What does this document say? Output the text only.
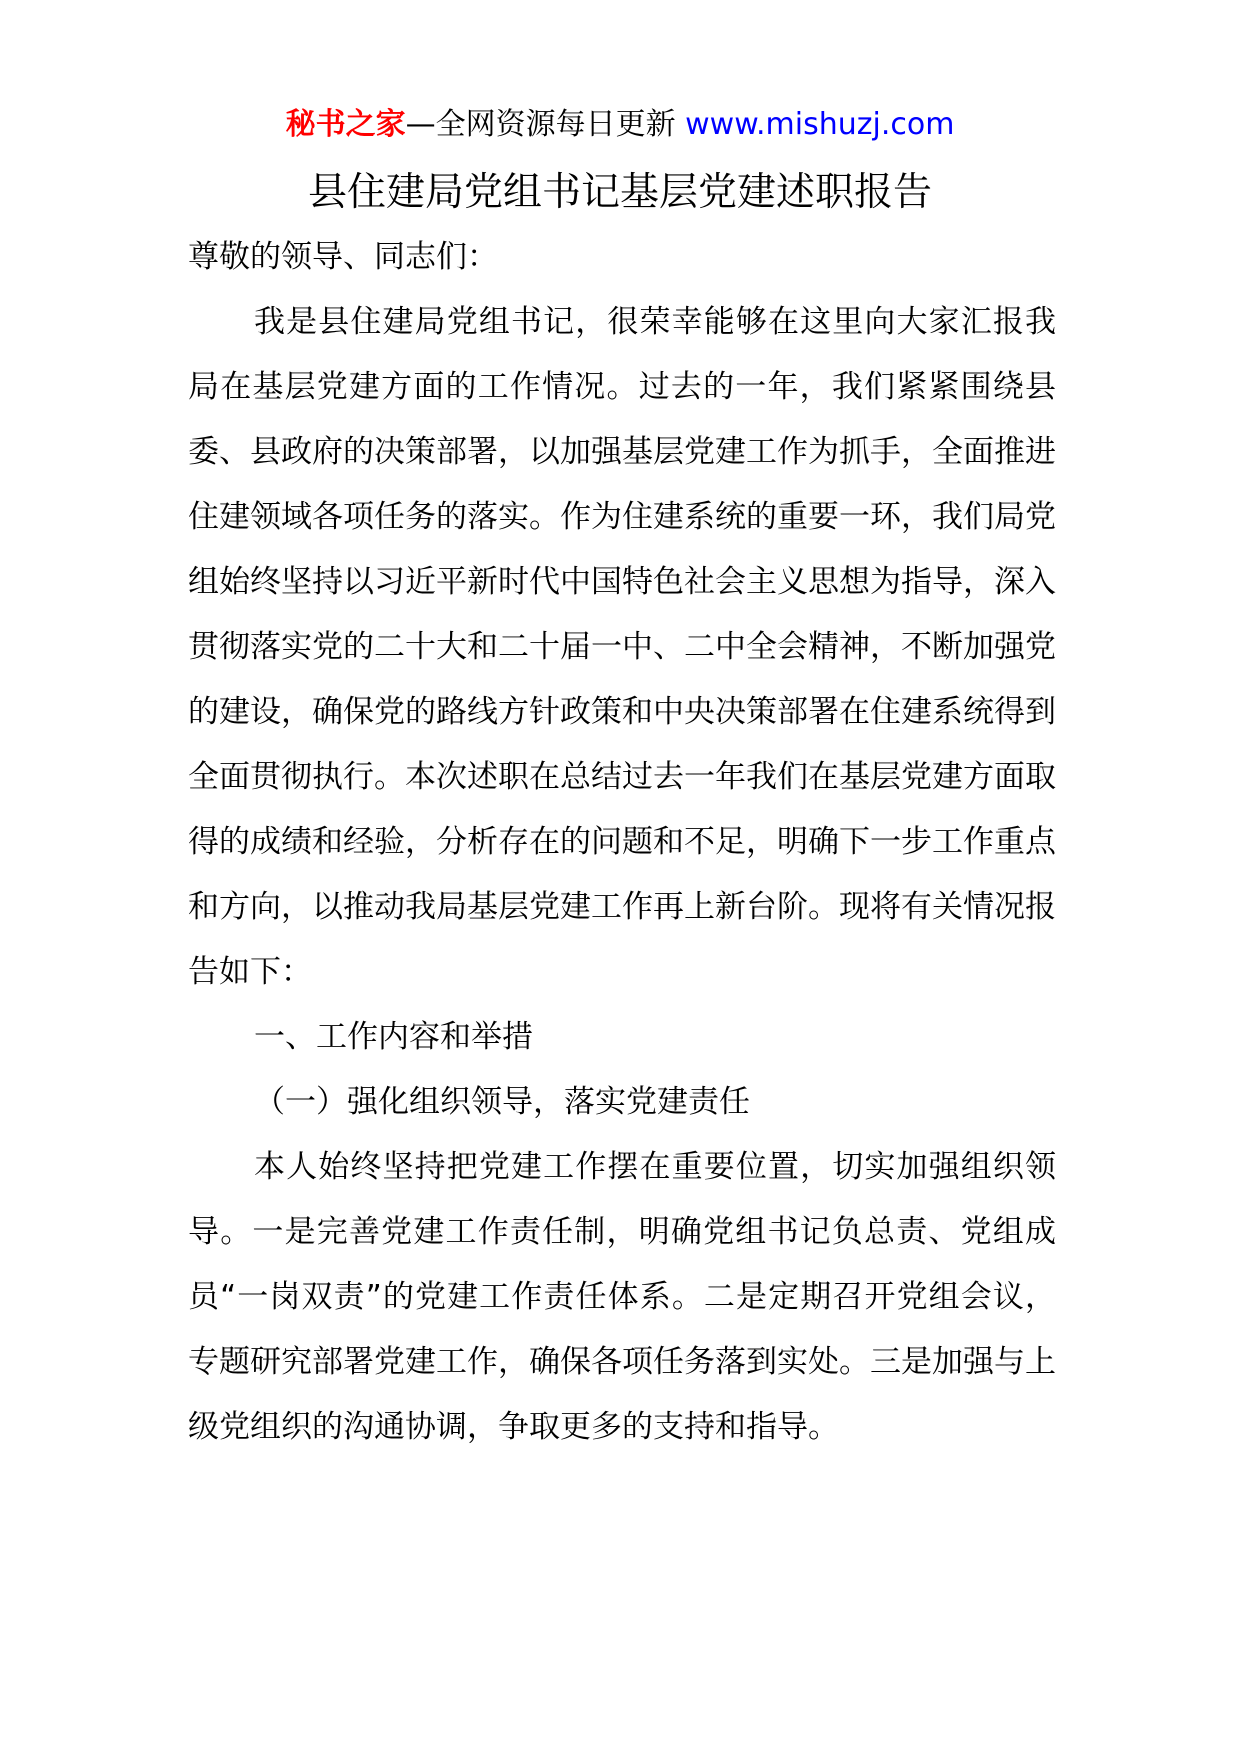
秘书之家—全网资源每日更新 www.mishuzj.com
县住建局党组书记基层党建述职报告

尊敬的领导、同志们：

我是县住建局党组书记，很荣幸能够在这里向大家汇报我局在基层党建方面的工作情况。过去的一年，我们紧紧围绕县委、县政府的决策部署，以加强基层党建工作为抓手，全面推进住建领域各项任务的落实。作为住建系统的重要一环，我们局党组始终坚持以习近平新时代中国特色社会主义思想为指导，深入贯彻落实党的二十大和二十届一中、二中全会精神，不断加强党的建设，确保党的路线方针政策和中央决策部署在住建系统得到全面贯彻执行。本次述职在总结过去一年我们在基层党建方面取得的成绩和经验，分析存在的问题和不足，明确下一步工作重点和方向，以推动我局基层党建工作再上新台阶。现将有关情况报告如下：

一、工作内容和举措

（一）强化组织领导，落实党建责任

本人始终坚持把党建工作摆在重要位置，切实加强组织领导。一是完善党建工作责任制，明确党组书记负总责、党组成员“一岗双责”的党建工作责任体系。二是定期召开党组会议，专题研究部署党建工作，确保各项任务落到实处。三是加强与上级党组织的沟通协调，争取更多的支持和指导。
